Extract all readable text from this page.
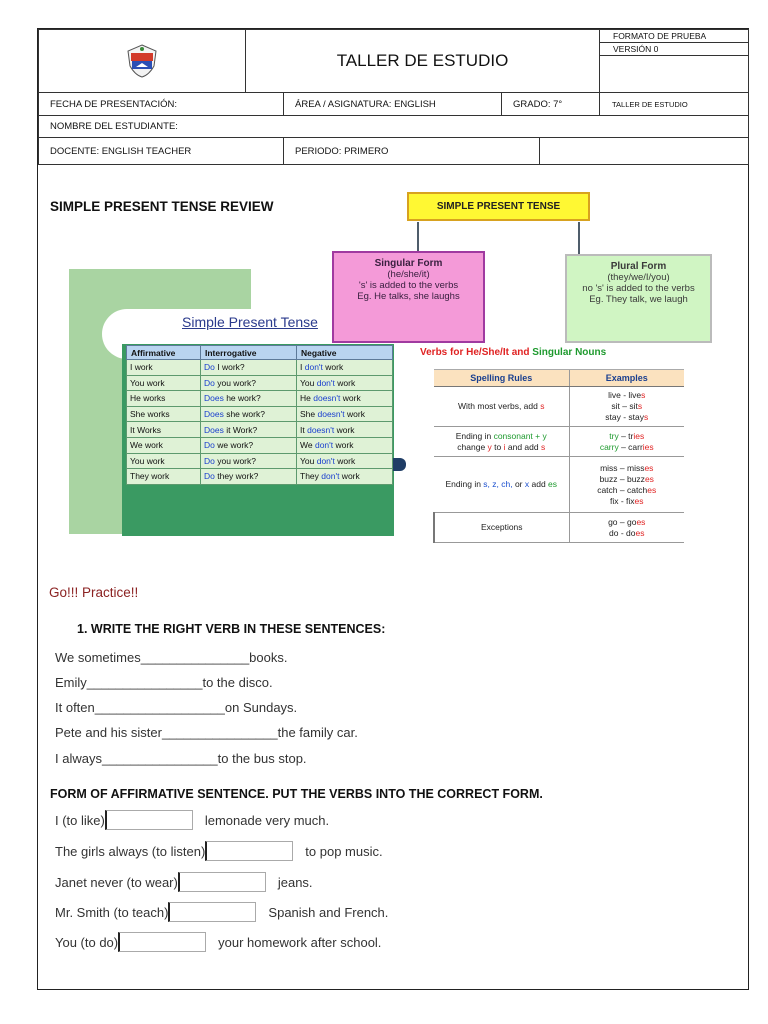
	TALLER DE ESTUDIO				FORMATO DE PRUEBA
VERSIÓN 0

FECHA DE PRESENTACIÓN:		ÁREA / ASIGNATURA: ENGLISH	GRADO: 7°		TALLER DE ESTUDIO
NOMBRE DEL ESTUDIANTE:					
DOCENTE: ENGLISH TEACHER		PERIODO: PRIMERO			
SIMPLE PRESENT TENSE REVIEW
Simple Present Tense
Affirmative	Interrogative	Negative
I work	Do I work?	I don't work
You work	Do you work?	You don't work
He works	Does he work?	He doesn't work
She works	Does she work?	She doesn't work
It Works	Does it Work?	It doesn't work
We work	Do we work?	We don't work
You work	Do you work?	You don't work
They work	Do they work?	They don't work
SIMPLE PRESENT TENSE
Singular Form
(he/she/it)
's' is added to the verbs
Eg. He talks, she laughs
Plural Form
(they/we/I/you)
no 's' is added to the verbs
Eg. They talk, we laugh
Verbs for He/She/It and Singular Nouns
Spelling Rules	Examples
With most verbs, add s	live - lives
sit – sits
stay - stays
Ending in consonant + y
change y to i and add s	try – tries
carry – carries
Ending in s, z, ch, or x add es	miss – misses
buzz – buzzes
catch – catches
fix - fixes
Exceptions	go – goes
do - does
Go!!! Practice!!
1. WRITE THE RIGHT VERB IN THESE SENTENCES:
We sometimes_______________books.
Emily________________to the disco.
It often__________________on Sundays.
Pete and his sister________________the family car.
I always________________to the bus stop.
FORM OF AFFIRMATIVE SENTENCE. PUT THE VERBS INTO THE CORRECT FORM.
I (to like)	lemonade very much.
The girls always (to listen)	to pop music.
Janet never (to wear)	jeans.
Mr. Smith (to teach)	Spanish and French.
You (to do)	your homework after school.
